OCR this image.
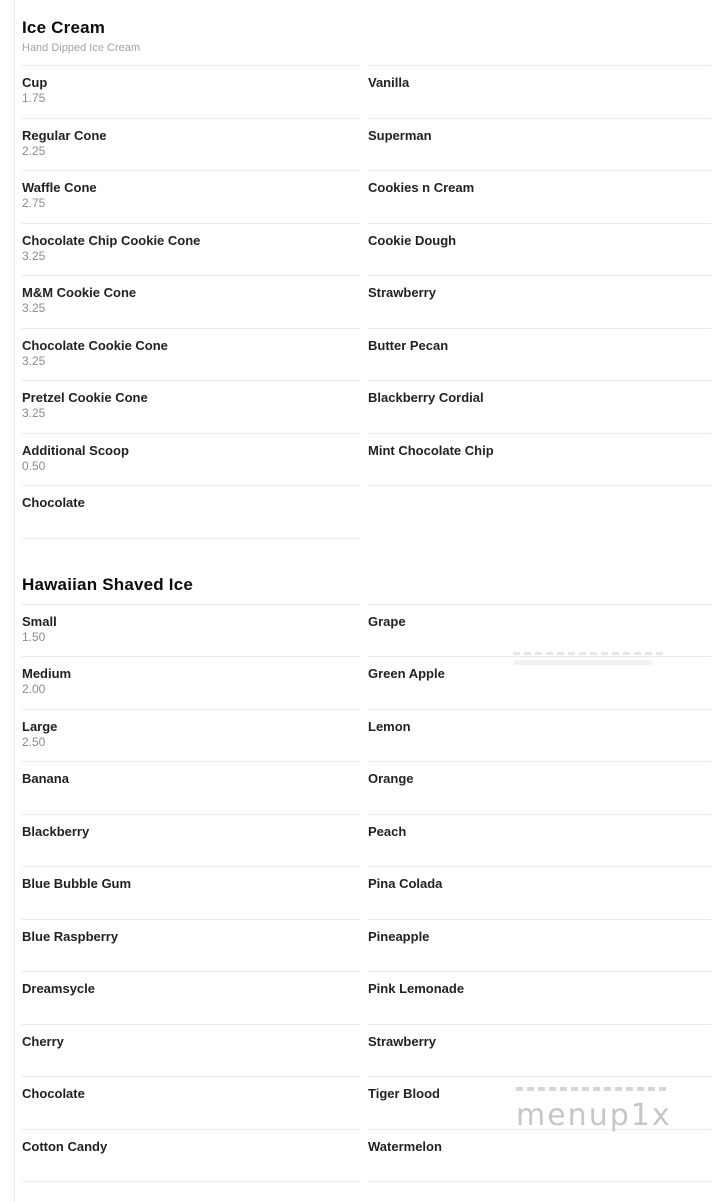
Ice Cream
Hand Dipped Ice Cream
Cup
1.75
Regular Cone
2.25
Waffle Cone
2.75
Chocolate Chip Cookie Cone
3.25
M&M Cookie Cone
3.25
Chocolate Cookie Cone
3.25
Pretzel Cookie Cone
3.25
Additional Scoop
0.50
Chocolate
Vanilla
Superman
Cookies n Cream
Cookie Dough
Strawberry
Butter Pecan
Blackberry Cordial
Mint Chocolate Chip
Hawaiian Shaved Ice
Small
1.50
Medium
2.00
Large
2.50
Banana
Blackberry
Blue Bubble Gum
Blue Raspberry
Dreamsycle
Cherry
Chocolate
Cotton Candy
Grape
Green Apple
Lemon
Orange
Peach
Pina Colada
Pineapple
Pink Lemonade
Strawberry
Tiger Blood
Watermelon
menup1x
